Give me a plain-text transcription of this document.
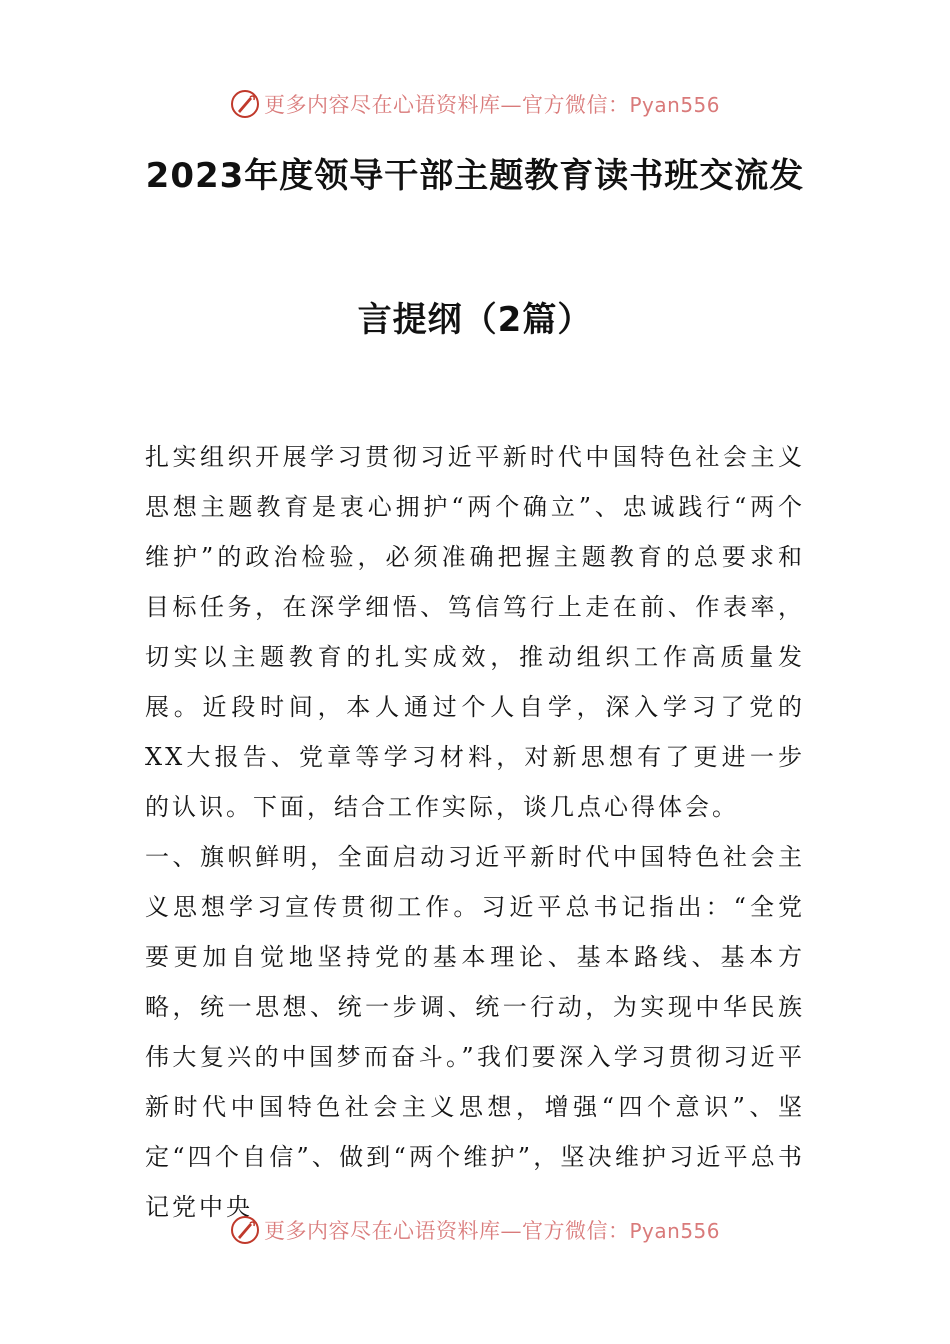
更多内容尽在心语资料库—官方微信：Pyan556
2023年度领导干部主题教育读书班交流发
言提纲（2篇）

扎实组织开展学习贯彻习近平新时代中国特色社会主义思想主题教育是衷心拥护“两个确立”、忠诚践行“两个维护”的政治检验，必须准确把握主题教育的总要求和目标任务，在深学细悟、笃信笃行上走在前、作表率，切实以主题教育的扎实成效，推动组织工作高质量发展。近段时间，本人通过个人自学，深入学习了党的XX大报告、党章等学习材料，对新思想有了更进一步的认识。下面，结合工作实际，谈几点心得体会。

一、旗帜鲜明，全面启动习近平新时代中国特色社会主义思想学习宣传贯彻工作。习近平总书记指出：“全党要更加自觉地坚持党的基本理论、基本路线、基本方略，统一思想、统一步调、统一行动，为实现中华民族伟大复兴的中国梦而奋斗。”我们要深入学习贯彻习近平新时代中国特色社会主义思想，增强“四个意识”、坚定“四个自信”、做到“两个维护”，坚决维护习近平总书记党中央

更多内容尽在心语资料库—官方微信：Pyan556
